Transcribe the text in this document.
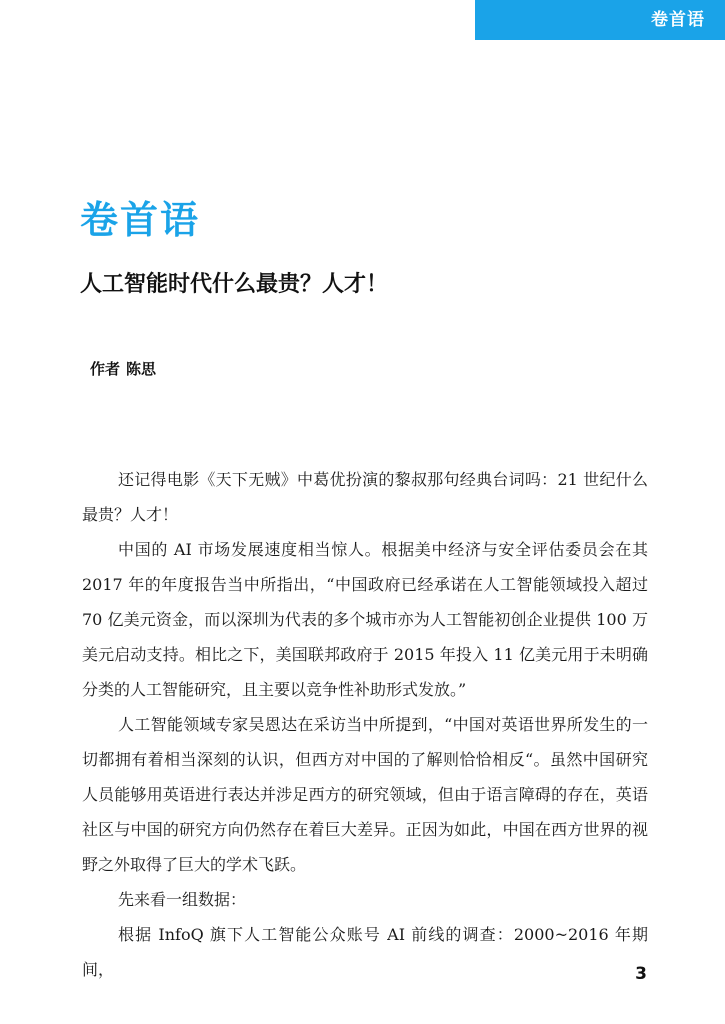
卷首语
卷首语
人工智能时代什么最贵？人才！
作者 陈思

还记得电影《天下无贼》中葛优扮演的黎叔那句经典台词吗：21 世纪什么最贵？人才！

中国的 AI 市场发展速度相当惊人。根据美中经济与安全评估委员会在其 2017 年的年度报告当中所指出，“中国政府已经承诺在人工智能领域投入超过 70 亿美元资金，而以深圳为代表的多个城市亦为人工智能初创企业提供 100 万美元启动支持。相比之下，美国联邦政府于 2015 年投入 11 亿美元用于未明确分类的人工智能研究，且主要以竞争性补助形式发放。”

人工智能领域专家吴恩达在采访当中所提到，“中国对英语世界所发生的一切都拥有着相当深刻的认识，但西方对中国的了解则恰恰相反“。虽然中国研究人员能够用英语进行表达并涉足西方的研究领域，但由于语言障碍的存在，英语社区与中国的研究方向仍然存在着巨大差异。正因为如此，中国在西方世界的视野之外取得了巨大的学术飞跃。

先来看一组数据：

根据 InfoQ 旗下人工智能公众账号 AI 前线的调查：2000~2016 年期间，	3
